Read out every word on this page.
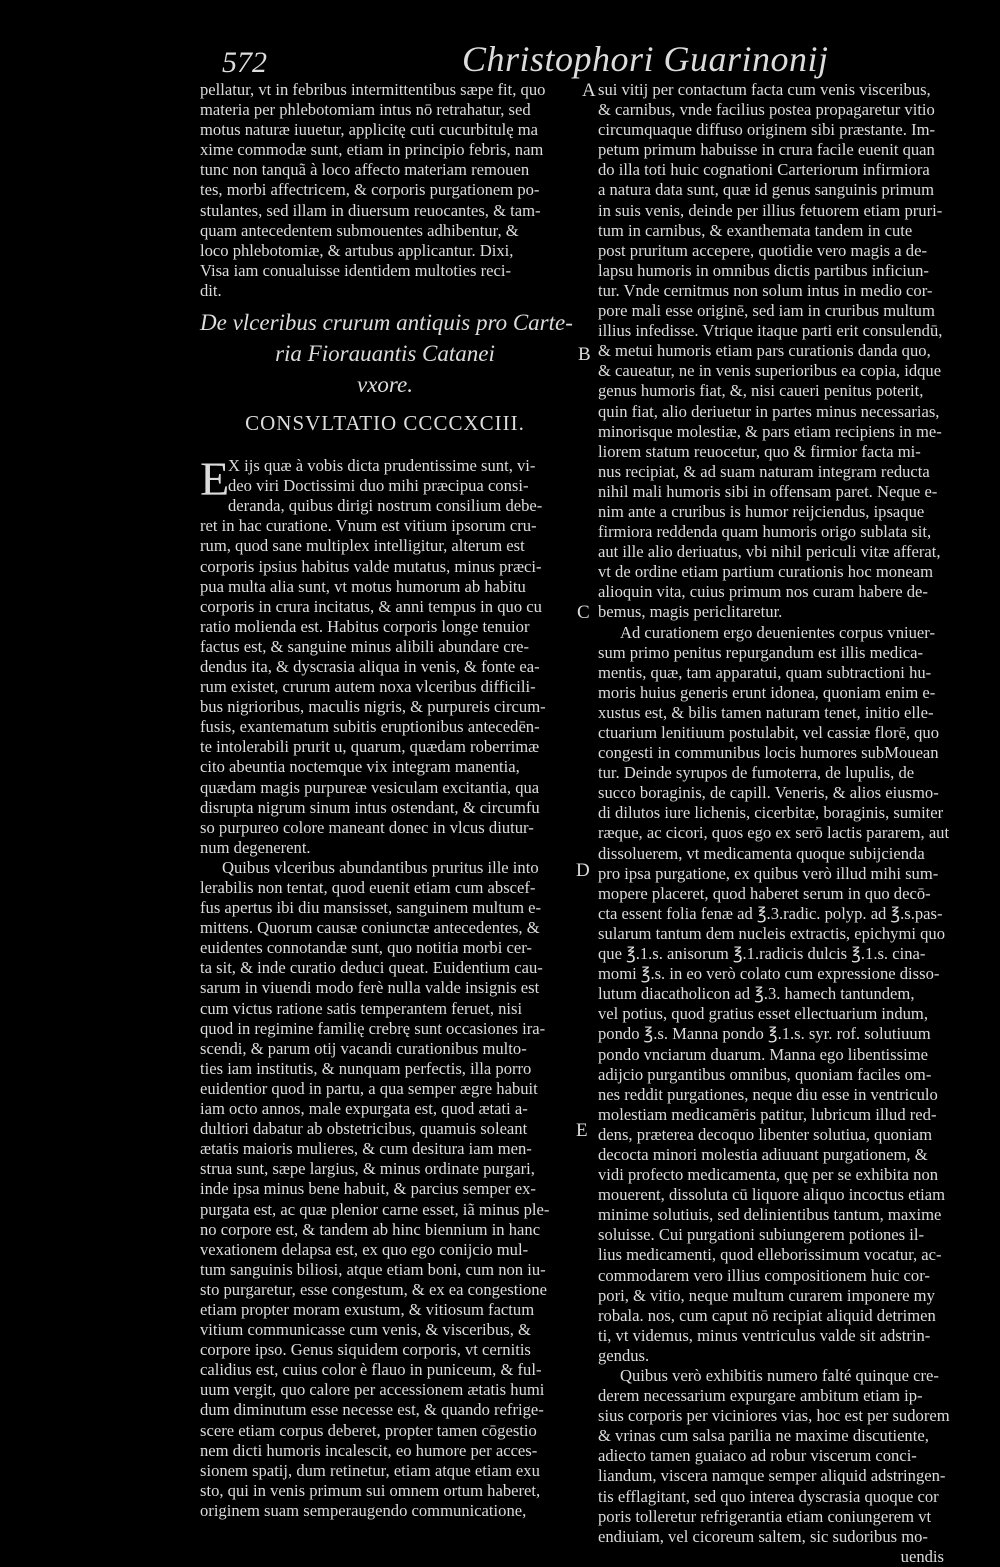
572	Christophori Guarinonij
A
B
C
D
E
pellatur, vt in febribus intermittentibus sæpe fit, quo
materia per phlebotomiam intus nō retrahatur, sed
motus naturæ iuuetur, applicitę cuti cucurbitulę ma
xime commodæ sunt, etiam in principio febris, nam
tunc non tanquã à loco affecto materiam remouen
tes, morbi affectricem, & corporis purgationem po-
stulantes, sed illam in diuersum reuocantes, & tam-
quam antecedentem submouentes adhibentur, &
loco phlebotomiæ, & artubus applicantur. Dixi,
Visa iam conualuisse identidem multoties reci-
dit.
De vlceribus crurum antiquis pro Carte-
ria Fiorauantis Catanei
vxore.
CONSVLTATIO CCCCXCIII.
E
X ijs quæ à vobis dicta prudentissime sunt, vi-
deo viri Doctissimi duo mihi præcipua consi-
deranda, quibus dirigi nostrum consilium debe-
ret in hac curatione. Vnum est vitium ipsorum cru-
rum, quod sane multiplex intelligitur, alterum est
corporis ipsius habitus valde mutatus, minus præci-
pua multa alia sunt, vt motus humorum ab habitu
corporis in crura incitatus, & anni tempus in quo cu
ratio molienda est. Habitus corporis longe tenuior
factus est, & sanguine minus alibili abundare cre-
dendus ita, & dyscrasia aliqua in venis, & fonte ea-
rum existet, crurum autem noxa vlceribus difficili-
bus nigrioribus, maculis nigris, & purpureis circum-
fusis, exantematum subitis eruptionibus antecedēn-
te intolerabili prurit u, quarum, quædam roberrimæ
cito abeuntia noctemque vix integram manentia,
quædam magis purpureæ vesiculam excitantia, qua
disrupta nigrum sinum intus ostendant, & circumfu
so purpureo colore maneant donec in vlcus diutur-
num degenerent.
Quibus vlceribus abundantibus pruritus ille into
lerabilis non tentat, quod euenit etiam cum abscef-
fus apertus ibi diu mansisset, sanguinem multum e-
mittens. Quorum causæ coniunctæ antecedentes, &
euidentes connotandæ sunt, quo notitia morbi cer-
ta sit, & inde curatio deduci queat. Euidentium cau-
sarum in viuendi modo ferè nulla valde insignis est
cum victus ratione satis temperantem feruet, nisi
quod in regimine familię crebrę sunt occasiones ira-
scendi, & parum otij vacandi curationibus multo-
ties iam institutis, & nunquam perfectis, illa porro
euidentior quod in partu, a qua semper ægre habuit
iam octo annos, male expurgata est, quod ætati a-
dultiori dabatur ab obstetricibus, quamuis soleant
ætatis maioris mulieres, & cum desitura iam men-
strua sunt, sæpe largius, & minus ordinate purgari,
inde ipsa minus bene habuit, & parcius semper ex-
purgata est, ac quæ plenior carne esset, iã minus ple-
no corpore est, & tandem ab hinc biennium in hanc
vexationem delapsa est, ex quo ego conijcio mul-
tum sanguinis biliosi, atque etiam boni, cum non iu-
sto purgaretur, esse congestum, & ex ea congestione
etiam propter moram exustum, & vitiosum factum
vitium communicasse cum venis, & visceribus, &
corpore ipso. Genus siquidem corporis, vt cernitis
calidius est, cuius color è flauo in puniceum, & ful-
uum vergit, quo calore per accessionem ætatis humi
dum diminutum esse necesse est, & quando refrige-
scere etiam corpus deberet, propter tamen cōgestio
nem dicti humoris incalescit, eo humore per acces-
sionem spatij, dum retinetur, etiam atque etiam exu
sto, qui in venis primum sui omnem ortum haberet,
originem suam semperaugendo communicatione,
sui vitij per contactum facta cum venis visceribus,
& carnibus, vnde facilius postea propagaretur vitio
circumquaque diffuso originem sibi præstante. Im-
petum primum habuisse in crura facile euenit quan
do illa toti huic cognationi Carteriorum infirmiora
a natura data sunt, quæ id genus sanguinis primum
in suis venis, deinde per illius fetuorem etiam pruri-
tum in carnibus, & exanthemata tandem in cute
post pruritum accepere, quotidie vero magis a de-
lapsu humoris in omnibus dictis partibus inficiun-
tur. Vnde cernitmus non solum intus in medio cor-
pore mali esse originē, sed iam in cruribus multum
illius infedisse. Vtrique itaque parti erit consulendū,
& metui humoris etiam pars curationis danda quo,
& caueatur, ne in venis superioribus ea copia, idque
genus humoris fiat, &, nisi caueri penitus poterit,
quin fiat, alio deriuetur in partes minus necessarias,
minorisque molestiæ, & pars etiam recipiens in me-
liorem statum reuocetur, quo & firmior facta mi-
nus recipiat, & ad suam naturam integram reducta
nihil mali humoris sibi in offensam paret. Neque e-
nim ante a cruribus is humor reijciendus, ipsaque
firmiora reddenda quam humoris origo sublata sit,
aut ille alio deriuatus, vbi nihil periculi vitæ afferat,
vt de ordine etiam partium curationis hoc moneam
alioquin vita, cuius primum nos curam habere de-
bemus, magis periclitaretur.
Ad curationem ergo deuenientes corpus vniuer-
sum primo penitus repurgandum est illis medica-
mentis, quæ, tam apparatui, quam subtractioni hu-
moris huius generis erunt idonea, quoniam enim e-
xustus est, & bilis tamen naturam tenet, initio elle-
ctuarium lenitiuum postulabit, vel cassiæ florē, quo
congesti in communibus locis humores subMouean
tur. Deinde syrupos de fumoterra, de lupulis, de
succo boraginis, de capill. Veneris, & alios eiusmo-
di dilutos iure lichenis, cicerbitæ, boraginis, sumiter
ræque, ac cicori, quos ego ex serō lactis pararem, aut
dissoluerem, vt medicamenta quoque subijcienda
pro ipsa purgatione, ex quibus verò illud mihi sum-
mopere placeret, quod haberet serum in quo decō-
cta essent folia fenæ ad ℥.3.radic. polyp. ad ℥.s.pas-
sularum tantum dem nucleis extractis, epichymi quo
que ℥.1.s. anisorum ℥.1.radicis dulcis ℥.1.s. cina-
momi ℥.s. in eo verò colato cum expressione disso-
lutum diacatholicon ad ℥.3. hamech tantundem,
vel potius, quod gratius esset ellectuarium indum,
pondo ℥.s. Manna pondo ℥.1.s. syr. rof. solutiuum
pondo vnciarum duarum. Manna ego libentissime
adijcio purgantibus omnibus, quoniam faciles om-
nes reddit purgationes, neque diu esse in ventriculo
molestiam medicamēris patitur, lubricum illud red-
dens, præterea decoquo libenter solutiua, quoniam
decocta minori molestia adiuuant purgationem, &
vidi profecto medicamenta, quę per se exhibita non
mouerent, dissoluta cū liquore aliquo incoctus etiam
minime solutiuis, sed delinientibus tantum, maxime
soluisse. Cui purgationi subiungerem potiones il-
lius medicamenti, quod elleborissimum vocatur, ac-
commodarem vero illius compositionem huic cor-
pori, & vitio, neque multum curarem imponere my
robala. nos, cum caput nō recipiat aliquid detrimen
ti, vt videmus, minus ventriculus valde sit adstrin-
gendus.
Quibus verò exhibitis numero falté quinque cre-
derem necessarium expurgare ambitum etiam ip-
sius corporis per viciniores vias, hoc est per sudorem
& vrinas cum salsa parilia ne maxime discutiente,
adiecto tamen guaiaco ad robur viscerum conci-
liandum, viscera namque semper aliquid adstringen-
tis efflagitant, sed quo interea dyscrasia quoque cor
poris tolleretur refrigerantia etiam coniungerem vt
endiuiam, vel cicoreum saltem, sic sudoribus mo-
uendis
